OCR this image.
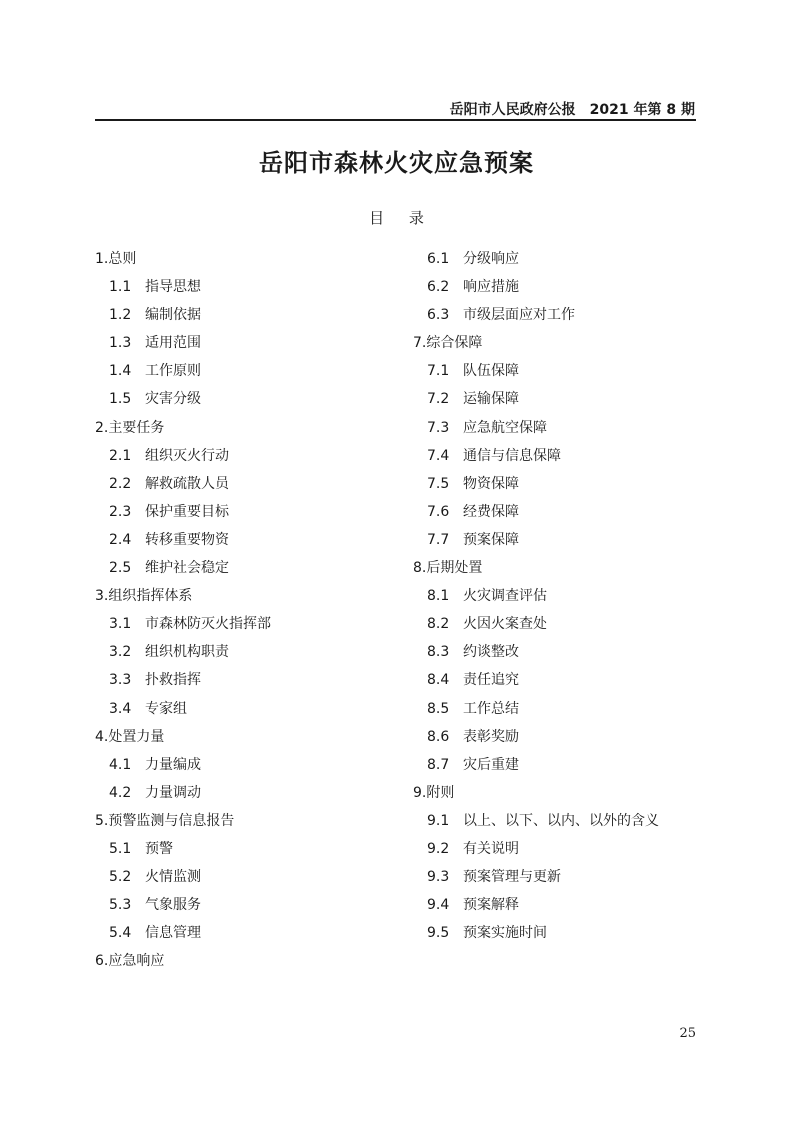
岳阳市人民政府公报　2021 年第 8 期
岳阳市森林火灾应急预案
目 录
1.总则
1.1 指导思想
1.2 编制依据
1.3 适用范围
1.4 工作原则
1.5 灾害分级
2.主要任务
2.1 组织灭火行动
2.2 解救疏散人员
2.3 保护重要目标
2.4 转移重要物资
2.5 维护社会稳定
3.组织指挥体系
3.1 市森林防灭火指挥部
3.2 组织机构职责
3.3 扑救指挥
3.4 专家组
4.处置力量
4.1 力量编成
4.2 力量调动
5.预警监测与信息报告
5.1 预警
5.2 火情监测
5.3 气象服务
5.4 信息管理
6.应急响应
6.1 分级响应
6.2 响应措施
6.3 市级层面应对工作
7.综合保障
7.1 队伍保障
7.2 运输保障
7.3 应急航空保障
7.4 通信与信息保障
7.5 物资保障
7.6 经费保障
7.7 预案保障
8.后期处置
8.1 火灾调查评估
8.2 火因火案查处
8.3 约谈整改
8.4 责任追究
8.5 工作总结
8.6 表彰奖励
8.7 灾后重建
9.附则
9.1 以上、以下、以内、以外的含义
9.2 有关说明
9.3 预案管理与更新
9.4 预案解释
9.5 预案实施时间
25
